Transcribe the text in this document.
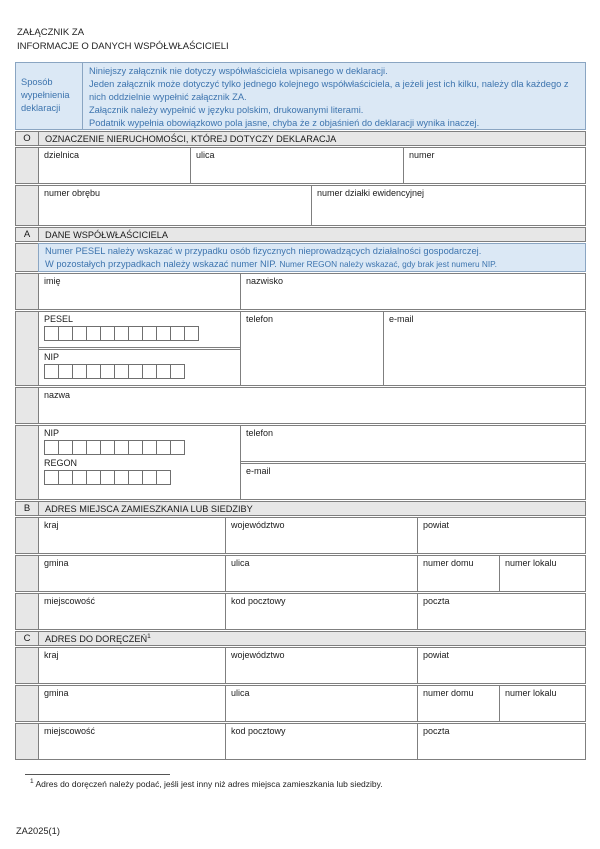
ZAŁĄCZNIK ZA
INFORMACJE O DANYCH WSPÓŁWŁAŚCICIELI
Sposób wypełnienia deklaracji
Niniejszy załącznik nie dotyczy współwłaściciela wpisanego w deklaracji.
Jeden załącznik może dotyczyć tylko jednego kolejnego współwłaściciela, a jeżeli jest ich kilku, należy dla każdego z nich oddzielnie wypełnić załącznik ZA.
Załącznik należy wypełnić w języku polskim, drukowanymi literami.
Podatnik wypełnia obowiązkowo pola jasne, chyba że z objaśnień do deklaracji wynika inaczej.
O	OZNACZENIE NIERUCHOMOŚCI, KTÓREJ DOTYCZY DEKLARACJA
dzielnica	ulica	numer
numer obrębu	numer działki ewidencyjnej
A	DANE WSPÓŁWŁAŚCICIELA
Numer PESEL należy wskazać w przypadku osób fizycznych nieprowadzących działalności gospodarczej.
W pozostałych przypadkach należy wskazać numer NIP. Numer REGON należy wskazać, gdy brak jest numeru NIP.
imię	nazwisko
PESEL
NIP
telefon	e-mail
nazwa
NIP
REGON
telefon
e-mail
B	ADRES MIEJSCA ZAMIESZKANIA LUB SIEDZIBY
kraj	województwo	powiat
gmina	ulica	numer domu	numer lokalu
miejscowość	kod pocztowy	poczta
C	ADRES DO DORĘCZEŃ$^1$
kraj	województwo	powiat
gmina	ulica	numer domu	numer lokalu
miejscowość	kod pocztowy	poczta
$^1$ Adres do doręczeń należy podać, jeśli jest inny niż adres miejsca zamieszkania lub siedziby.
ZA2025(1)
